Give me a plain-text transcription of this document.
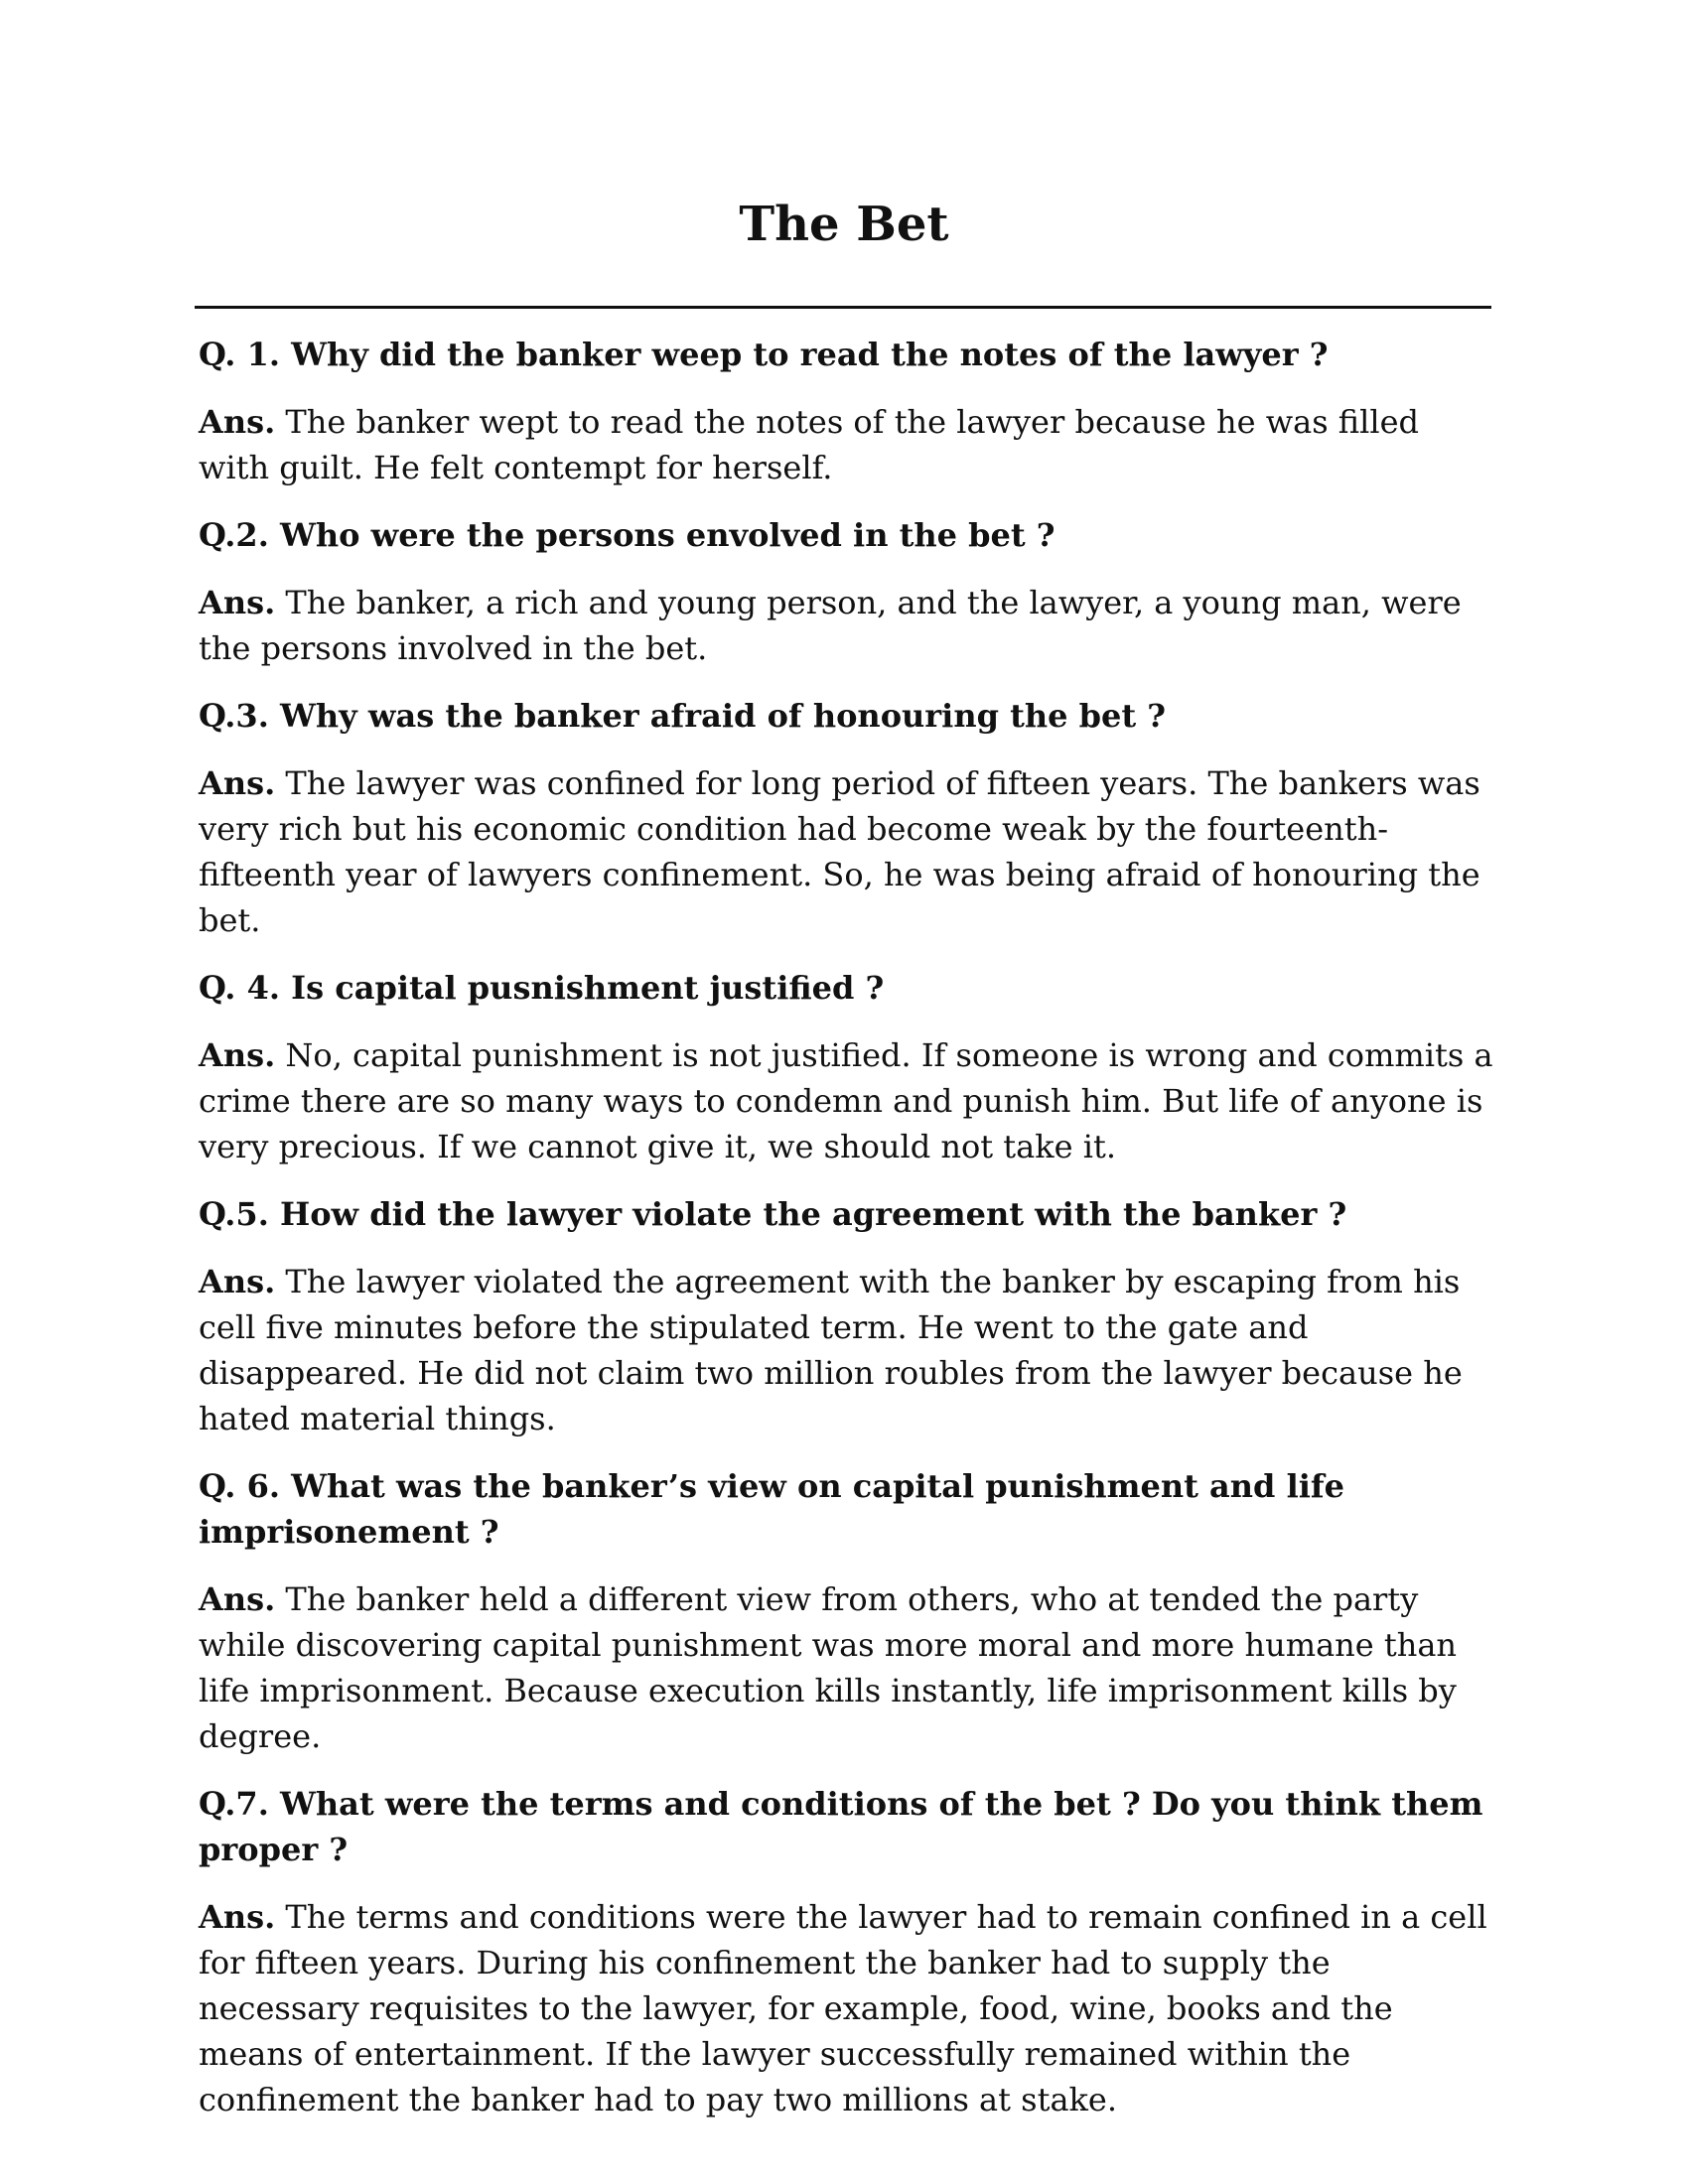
The Bet

Q. 1. Why did the banker weep to read the notes of the lawyer ?

Ans. The banker wept to read the notes of the lawyer because he was filled with guilt. He felt contempt for herself.

Q.2. Who were the persons envolved in the bet ?

Ans. The banker, a rich and young person, and the lawyer, a young man, were the persons involved in the bet.

Q.3. Why was the banker afraid of honouring the bet ?

Ans. The lawyer was confined for long period of fifteen years. The bankers was very rich but his economic condition had become weak by the fourteenth-fifteenth year of lawyers confinement. So, he was being afraid of honouring the bet.

Q. 4. Is capital pusnishment justified ?

Ans. No, capital punishment is not justified. If someone is wrong and commits a crime there are so many ways to condemn and punish him. But life of anyone is very precious. If we cannot give it, we should not take it.

Q.5. How did the lawyer violate the agreement with the banker ?

Ans. The lawyer violated the agreement with the banker by escaping from his cell five minutes before the stipulated term. He went to the gate and disappeared. He did not claim two million roubles from the lawyer because he hated material things.

Q. 6. What was the banker’s view on capital punishment and life imprisonement ?

Ans. The banker held a different view from others, who at tended the party while discovering capital punishment was more moral and more humane than life imprisonment. Because execution kills instantly, life imprisonment kills by degree.

Q.7. What were the terms and conditions of the bet ? Do you think them proper ?

Ans. The terms and conditions were the lawyer had to remain confined in a cell for fifteen years. During his confinement the banker had to supply the necessary requisites to the lawyer, for example, food, wine, books and the means of entertainment. If the lawyer successfully remained within the confinement the banker had to pay two millions at stake.
